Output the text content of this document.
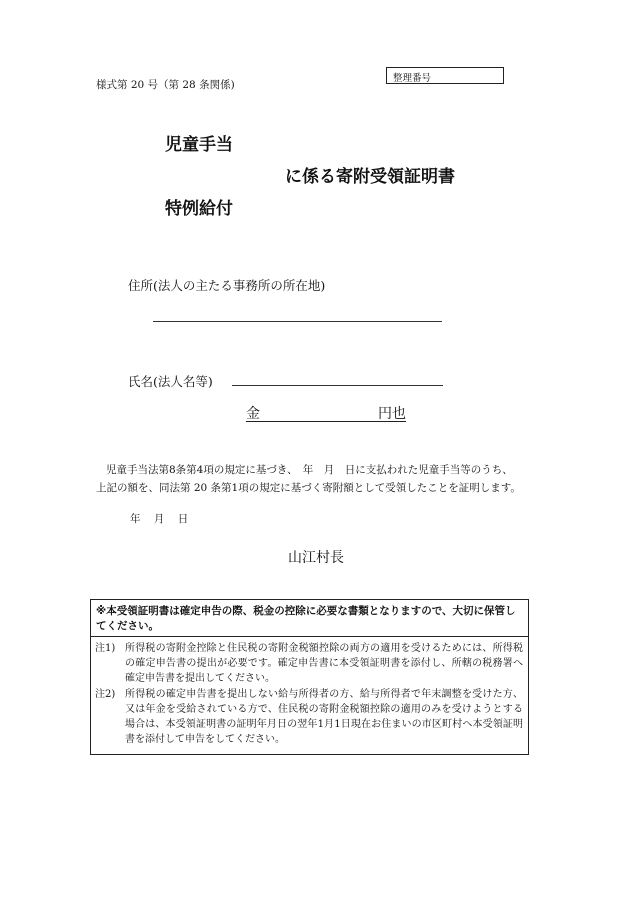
様式第 20 号（第 28 条関係)
整理番号
児童手当
に係る寄附受領証明書
特例給付
住所(法人の主たる事務所の所在地)
氏名(法人名等)
金	円也
児童手当法第8条第4項の規定に基づき、　年　月　日に支払われた児童手当等のうち、
上記の額を、同法第 20 条第1項の規定に基づく寄附額として受領したことを証明します。
年 月 日
山江村長
※本受領証明書は確定申告の際、税金の控除に必要な書類となりますので、大切に保管してください。
注1) 所得税の寄附金控除と住民税の寄附金税額控除の両方の適用を受けるためには、所得税の確定申告書の提出が必要です。確定申告書に本受領証明書を添付し、所轄の税務署へ確定申告書を提出してください。
注2) 所得税の確定申告書を提出しない給与所得者の方、給与所得者で年末調整を受けた方、又は年金を受給されている方で、住民税の寄附金税額控除の適用のみを受けようとする場合は、本受領証明書の証明年月日の翌年1月1日現在お住まいの市区町村へ本受領証明書を添付して申告をしてください。
